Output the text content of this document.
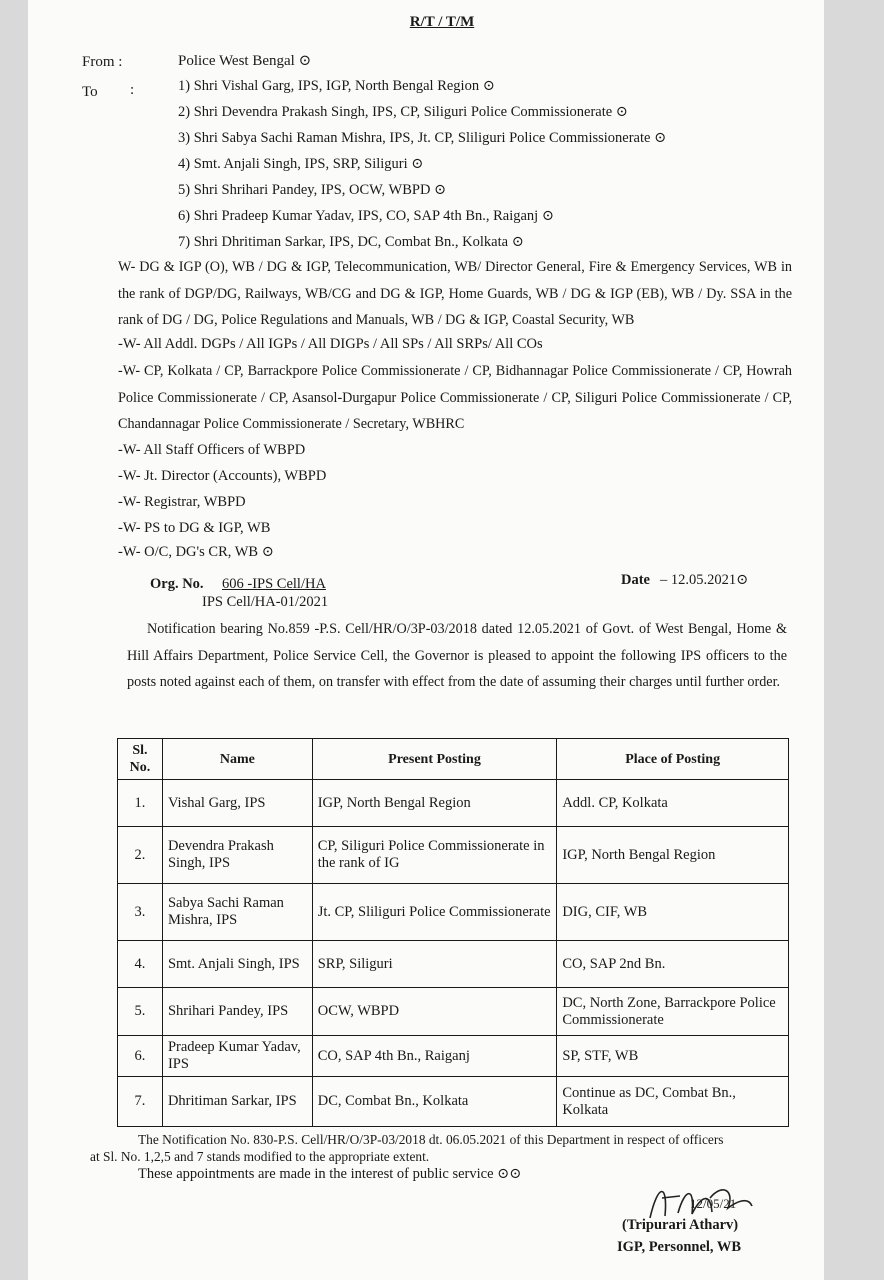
R/T / T/M
From :	Police West Bengal ⊙
To :	1) Shri Vishal Garg, IPS, IGP, North Bengal Region ⊙
2) Shri Devendra Prakash Singh, IPS, CP, Siliguri Police Commissionerate ⊙
3) Shri Sabya Sachi Raman Mishra, IPS, Jt. CP, Sliliguri Police Commissionerate ⊙
4) Smt. Anjali Singh, IPS, SRP, Siliguri ⊙
5) Shri Shrihari Pandey, IPS, OCW, WBPD ⊙
6) Shri Pradeep Kumar Yadav, IPS, CO, SAP 4th Bn., Raiganj ⊙
7) Shri Dhritiman Sarkar, IPS, DC, Combat Bn., Kolkata ⊙
W- DG & IGP (O), WB / DG & IGP, Telecommunication, WB/ Director General, Fire & Emergency Services, WB in the rank of DGP/DG, Railways, WB/CG and DG & IGP, Home Guards, WB / DG & IGP (EB), WB / Dy. SSA in the rank of DG / DG, Police Regulations and Manuals, WB / DG & IGP, Coastal Security, WB
-W- All Addl. DGPs / All IGPs / All DIGPs / All SPs / All SRPs/ All COs
-W- CP, Kolkata / CP, Barrackpore Police Commissionerate / CP, Bidhannagar Police Commissionerate / CP, Howrah Police Commissionerate / CP, Asansol-Durgapur Police Commissionerate / CP, Siliguri Police Commissionerate / CP, Chandannagar Police Commissionerate / Secretary, WBHRC
-W- All Staff Officers of WBPD
-W- Jt. Director (Accounts), WBPD
-W- Registrar, WBPD
-W- PS to DG & IGP, WB
-W- O/C, DG's CR, WB ⊙
Org. No. 606 -IPS Cell/HA
IPS Cell/HA-01/2021
Date – 12.05.2021⊙
Notification bearing No.859 -P.S. Cell/HR/O/3P-03/2018 dated 12.05.2021 of Govt. of West Bengal, Home & Hill Affairs Department, Police Service Cell, the Governor is pleased to appoint the following IPS officers to the posts noted against each of them, on transfer with effect from the date of assuming their charges until further order.
Sl. No.	Name	Present Posting	Place of Posting
1.	Vishal Garg, IPS	IGP, North Bengal Region	Addl. CP, Kolkata
2.	Devendra Prakash Singh, IPS	CP, Siliguri Police Commissionerate in the rank of IG	IGP, North Bengal Region
3.	Sabya Sachi Raman Mishra, IPS	Jt. CP, Sliliguri Police Commissionerate	DIG, CIF, WB
4.	Smt. Anjali Singh, IPS	SRP, Siliguri	CO, SAP 2nd Bn.
5.	Shrihari Pandey, IPS	OCW, WBPD	DC, North Zone, Barrackpore Police Commissionerate
6.	Pradeep Kumar Yadav, IPS	CO, SAP 4th Bn., Raiganj	SP, STF, WB
7.	Dhritiman Sarkar, IPS	DC, Combat Bn., Kolkata	Continue as DC, Combat Bn., Kolkata
The Notification No. 830-P.S. Cell/HR/O/3P-03/2018 dt. 06.05.2021 of this Department in respect of officers
at Sl. No. 1,2,5 and 7 stands modified to the appropriate extent.
These appointments are made in the interest of public service ⊙⊙
12/05/21
(Tripurari Atharv)
IGP, Personnel, WB
